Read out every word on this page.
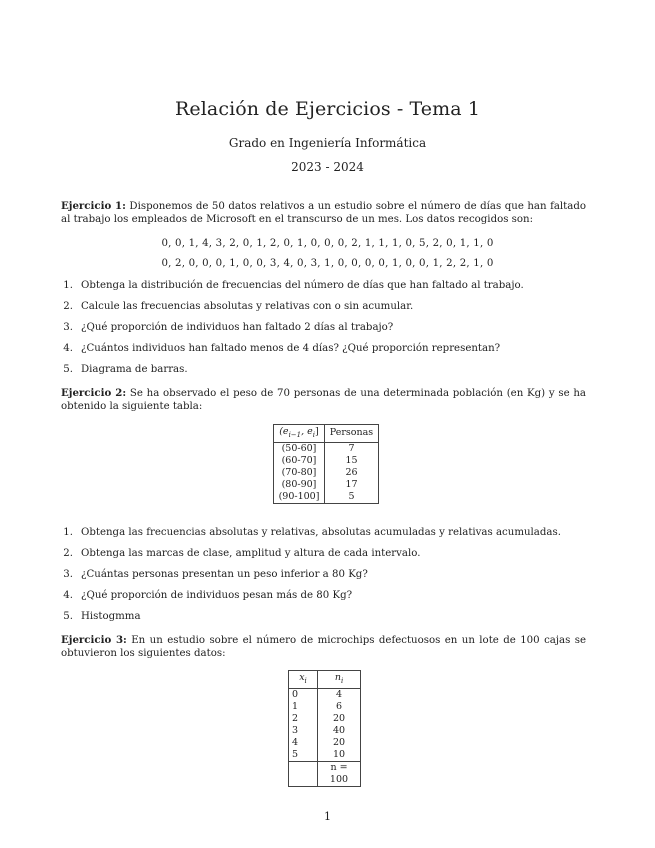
Relación de Ejercicios - Tema 1
Grado en Ingeniería Informática
2023 - 2024
Ejercicio 1: Disponemos de 50 datos relativos a un estudio sobre el número de días que han faltado al trabajo los empleados de Microsoft en el transcurso de un mes. Los datos recogidos son:
0, 0, 1, 4, 3, 2, 0, 1, 2, 0, 1, 0, 0, 0, 2, 1, 1, 1, 0, 5, 2, 0, 1, 1, 0
0, 2, 0, 0, 0, 1, 0, 0, 3, 4, 0, 3, 1, 0, 0, 0, 0, 1, 0, 0, 1, 2, 2, 1, 0
1. Obtenga la distribución de frecuencias del número de días que han faltado al trabajo.
2. Calcule las frecuencias absolutas y relativas con o sin acumular.
3. ¿Qué proporción de individuos han faltado 2 días al trabajo?
4. ¿Cuántos individuos han faltado menos de 4 días? ¿Qué proporción representan?
5. Diagrama de barras.
Ejercicio 2: Se ha observado el peso de 70 personas de una determinada población (en Kg) y se ha obtenido la siguiente tabla:
($e_{i-1}$, $e_i$]	Personas
(50-60]	7
(60-70]	15
(70-80]	26
(80-90]	17
(90-100]	5
1. Obtenga las frecuencias absolutas y relativas, absolutas acumuladas y relativas acumuladas.
2. Obtenga las marcas de clase, amplitud y altura de cada intervalo.
3. ¿Cuántas personas presentan un peso inferior a 80 Kg?
4. ¿Qué proporción de individuos pesan más de 80 Kg?
5. Histogmma
Ejercicio 3: En un estudio sobre el número de microchips defectuosos en un lote de 100 cajas se obtuvieron los siguientes datos:
$x_i$	$n_i$
0	4
1	6
2	20
3	40
4	20
5	10
	n = 100
1
